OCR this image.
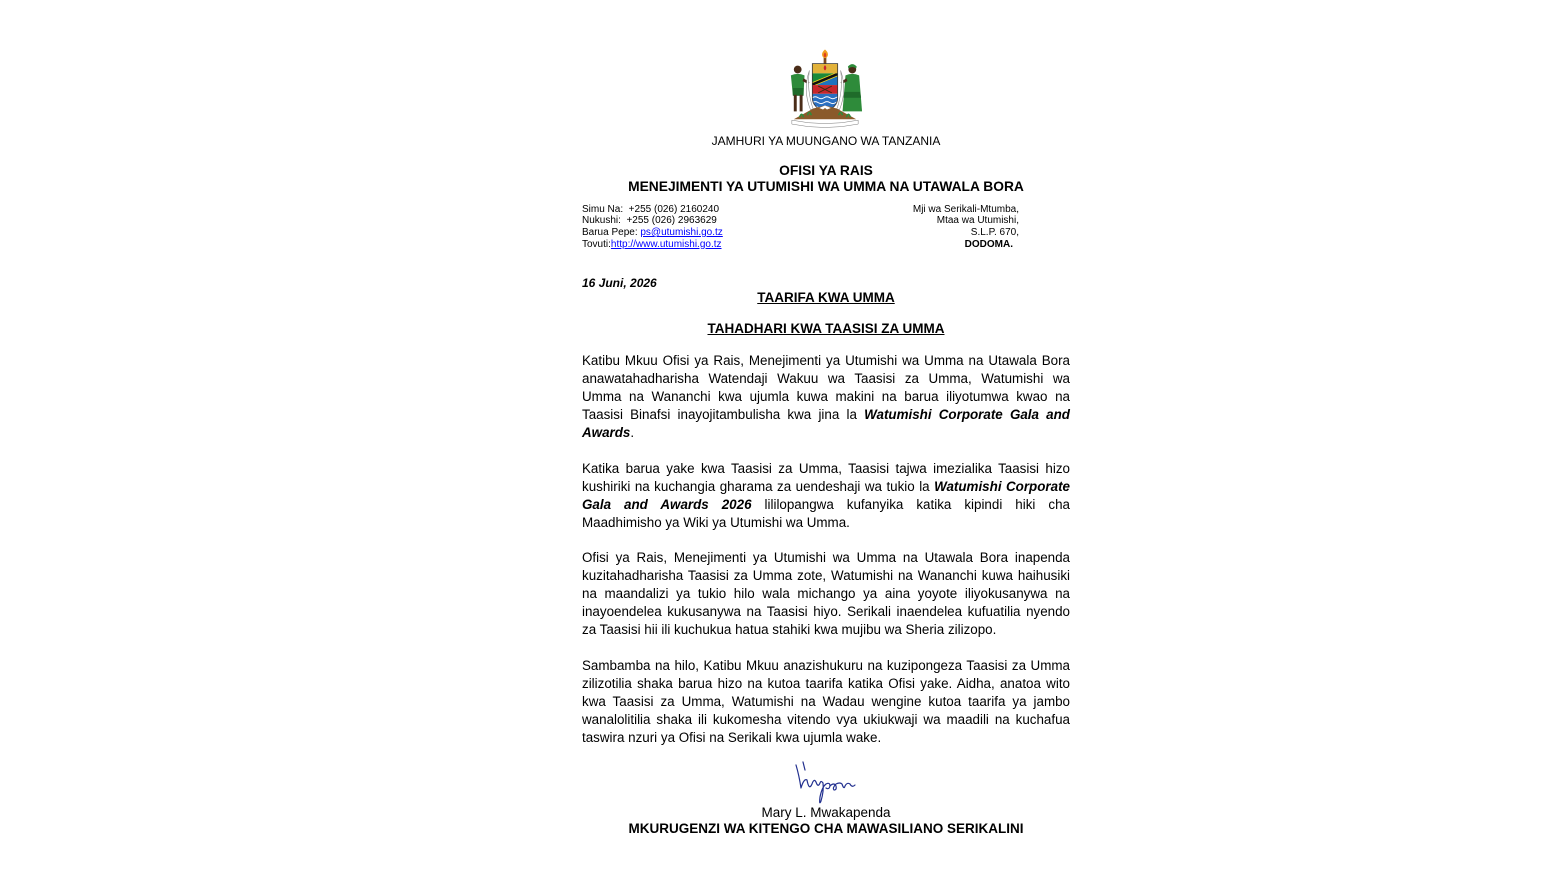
JAMHURI YA MUUNGANO WA TANZANIA
OFISI YA RAIS
MENEJIMENTI YA UTUMISHI WA UMMA NA UTAWALA BORA
Simu Na:  +255 (026) 2160240
Nukushi:  +255 (026) 2963629
Barua Pepe: ps@utumishi.go.tz
Tovuti:http://www.utumishi.go.tz
Mji wa Serikali-Mtumba,
Mtaa wa Utumishi,
S.L.P. 670,
DODOMA.
16 Juni, 2026
TAARIFA KWA UMMA
TAHADHARI KWA TAASISI ZA UMMA
Katibu Mkuu Ofisi ya Rais, Menejimenti ya Utumishi wa Umma na Utawala Bora
anawatahadharisha Watendaji Wakuu wa Taasisi za Umma, Watumishi wa
Umma na Wananchi kwa ujumla kuwa makini na barua iliyotumwa kwao na
Taasisi Binafsi inayojitambulisha kwa jina la Watumishi Corporate Gala and
Awards.
Katika barua yake kwa Taasisi za Umma, Taasisi tajwa imezialika Taasisi hizo
kushiriki na kuchangia gharama za uendeshaji wa tukio la Watumishi Corporate
Gala and Awards 2026 lililopangwa kufanyika katika kipindi hiki cha
Maadhimisho ya Wiki ya Utumishi wa Umma.
Ofisi ya Rais, Menejimenti ya Utumishi wa Umma na Utawala Bora inapenda
kuzitahadharisha Taasisi za Umma zote, Watumishi na Wananchi kuwa haihusiki
na maandalizi ya tukio hilo wala michango ya aina yoyote iliyokusanywa na
inayoendelea kukusanywa na Taasisi hiyo. Serikali inaendelea kufuatilia nyendo
za Taasisi hii ili kuchukua hatua stahiki kwa mujibu wa Sheria zilizopo.
Sambamba na hilo, Katibu Mkuu anazishukuru na kuzipongeza Taasisi za Umma
zilizotilia shaka barua hizo na kutoa taarifa katika Ofisi yake. Aidha, anatoa wito
kwa Taasisi za Umma, Watumishi na Wadau wengine kutoa taarifa ya jambo
wanalolitilia shaka ili kukomesha vitendo vya ukiukwaji wa maadili na kuchafua
taswira nzuri ya Ofisi na Serikali kwa ujumla wake.
Mary L. Mwakapenda
MKURUGENZI WA KITENGO CHA MAWASILIANO SERIKALINI
